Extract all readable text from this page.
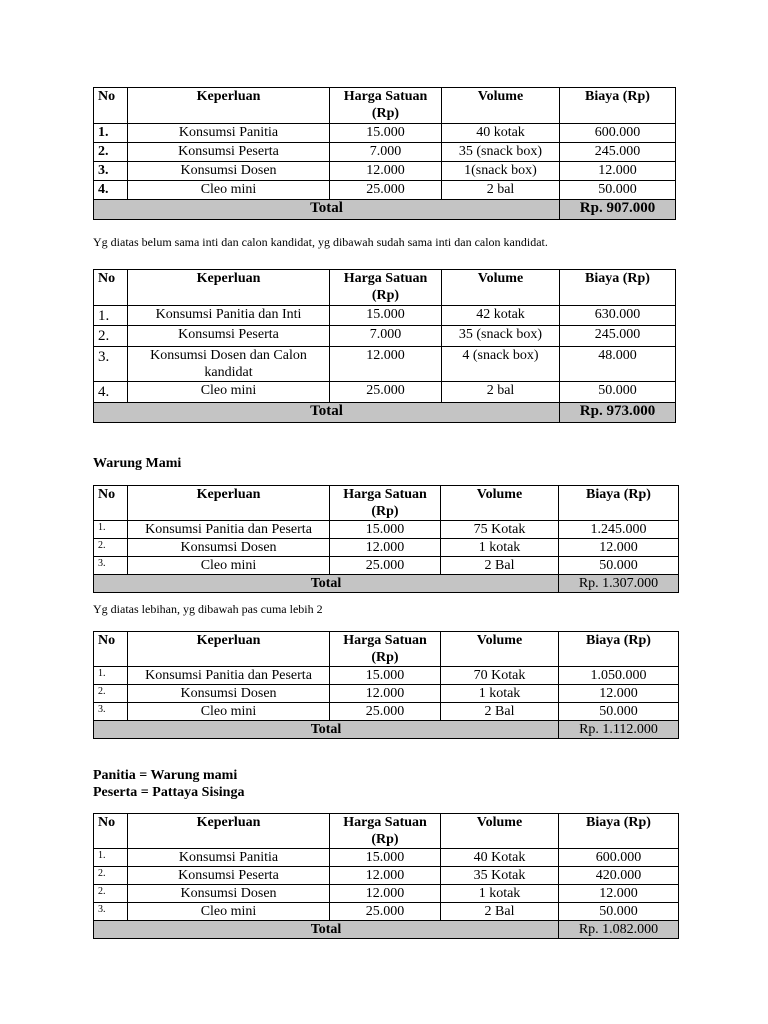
No	Keperluan	Harga Satuan (Rp)	Volume	Biaya (Rp)
1.	Konsumsi Panitia	15.000	40 kotak	600.000
2.	Konsumsi Peserta	7.000	35 (snack box)	245.000
3.	Konsumsi Dosen	12.000	1(snack box)	12.000
4.	Cleo mini	25.000	2 bal	50.000
Total				Rp. 907.000
Yg diatas belum sama inti dan calon kandidat, yg dibawah sudah sama inti dan calon kandidat.
No	Keperluan	Harga Satuan (Rp)	Volume	Biaya (Rp)
1.	Konsumsi Panitia dan Inti	15.000	42 kotak	630.000
2.	Konsumsi Peserta	7.000	35 (snack box)	245.000
3.	Konsumsi Dosen dan Calon kandidat	12.000	4 (snack box)	48.000
4.	Cleo mini	25.000	2 bal	50.000
Total				Rp. 973.000
Warung Mami
No	Keperluan	Harga Satuan (Rp)	Volume	Biaya (Rp)
1.	Konsumsi Panitia dan Peserta	15.000	75 Kotak	1.245.000
2.	Konsumsi Dosen	12.000	1 kotak	12.000
3.	Cleo mini	25.000	2 Bal	50.000
Total				Rp. 1.307.000
Yg diatas lebihan, yg dibawah pas cuma lebih 2
No	Keperluan	Harga Satuan (Rp)	Volume	Biaya (Rp)
1.	Konsumsi Panitia dan Peserta	15.000	70 Kotak	1.050.000
2.	Konsumsi Dosen	12.000	1 kotak	12.000
3.	Cleo mini	25.000	2 Bal	50.000
Total				Rp. 1.112.000
Panitia = Warung mami
Peserta = Pattaya Sisinga
No	Keperluan	Harga Satuan (Rp)	Volume	Biaya (Rp)
1.	Konsumsi Panitia	15.000	40 Kotak	600.000
2.	Konsumsi Peserta	12.000	35 Kotak	420.000
2.	Konsumsi Dosen	12.000	1 kotak	12.000
3.	Cleo mini	25.000	2 Bal	50.000
Total				Rp. 1.082.000
